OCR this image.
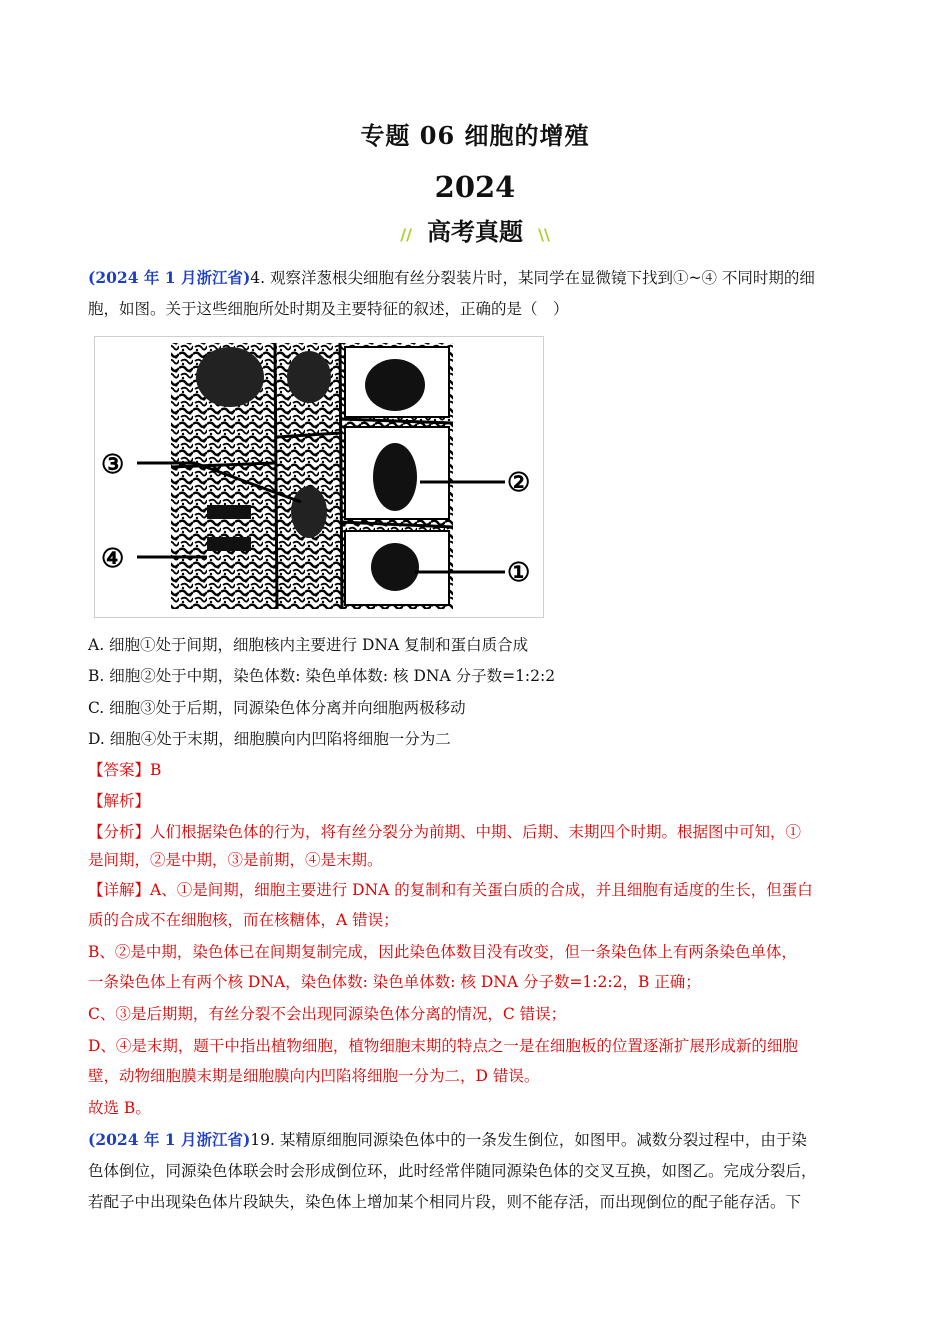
专题 06 细胞的增殖
2024
// 高考真题 \\
(2024 年 1 月浙江省)4. 观察洋葱根尖细胞有丝分裂装片时，某同学在显微镜下找到①~④ 不同时期的细
胞，如图。关于这些细胞所处时期及主要特征的叙述，正确的是（　）
③
②
④	①
A. 细胞①处于间期，细胞核内主要进行 DNA 复制和蛋白质合成
B. 细胞②处于中期，染色体数: 染色单体数: 核 DNA 分子数=1:2:2
C. 细胞③处于后期，同源染色体分离并向细胞两极移动
D. 细胞④处于末期，细胞膜向内凹陷将细胞一分为二
【答案】B
【解析】
【分析】人们根据染色体的行为，将有丝分裂分为前期、中期、后期、末期四个时期。根据图中可知，①
是间期，②是中期，③是前期，④是末期。
【详解】A、①是间期，细胞主要进行 DNA 的复制和有关蛋白质的合成，并且细胞有适度的生长，但蛋白
质的合成不在细胞核，而在核糖体，A 错误；
B、②是中期，染色体已在间期复制完成，因此染色体数目没有改变，但一条染色体上有两条染色单体，
一条染色体上有两个核 DNA，染色体数: 染色单体数: 核 DNA 分子数=1:2:2，B 正确；
C、③是后期期，有丝分裂不会出现同源染色体分离的情况，C 错误；
D、④是末期，题干中指出植物细胞，植物细胞末期的特点之一是在细胞板的位置逐渐扩展形成新的细胞
壁，动物细胞膜末期是细胞膜向内凹陷将细胞一分为二，D 错误。
故选 B。
(2024 年 1 月浙江省)19. 某精原细胞同源染色体中的一条发生倒位，如图甲。减数分裂过程中，由于染
色体倒位，同源染色体联会时会形成倒位环，此时经常伴随同源染色体的交叉互换，如图乙。完成分裂后，
若配子中出现染色体片段缺失，染色体上增加某个相同片段，则不能存活，而出现倒位的配子能存活。下
